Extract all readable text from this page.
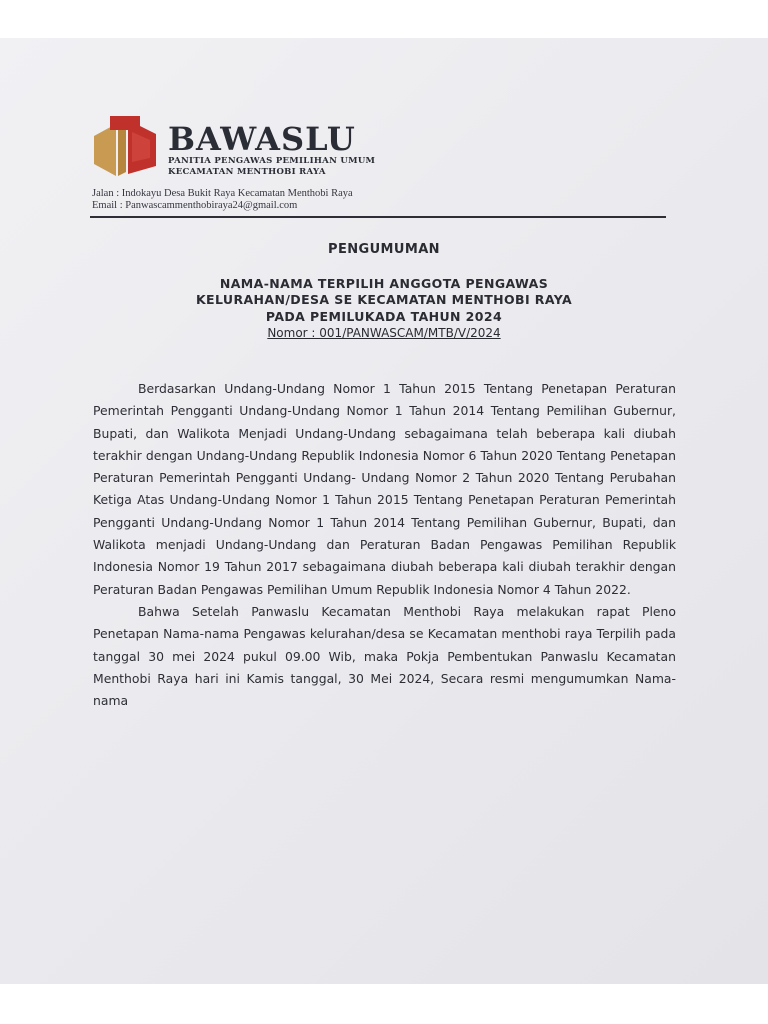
BAWASLU
PANITIA PENGAWAS PEMILIHAN UMUM
KECAMATAN MENTHOBI RAYA
Jalan : Indokayu Desa Bukit Raya Kecamatan Menthobi Raya
Email : Panwascammenthobiraya24@gmail.com
PENGUMUMAN
NAMA-NAMA TERPILIH ANGGOTA PENGAWAS
KELURAHAN/DESA SE KECAMATAN MENTHOBI RAYA
PADA PEMILUKADA TAHUN 2024
Nomor : 001/PANWASCAM/MTB/V/2024

Berdasarkan Undang-Undang Nomor 1 Tahun 2015 Tentang Penetapan Peraturan Pemerintah Pengganti Undang-Undang Nomor 1 Tahun 2014 Tentang Pemilihan Gubernur, Bupati, dan Walikota Menjadi Undang-Undang sebagaimana telah beberapa kali diubah terakhir dengan Undang-Undang Republik Indonesia Nomor 6 Tahun 2020 Tentang Penetapan Peraturan Pemerintah Pengganti Undang- Undang Nomor 2 Tahun 2020 Tentang Perubahan Ketiga Atas Undang-Undang Nomor 1 Tahun 2015 Tentang Penetapan Peraturan Pemerintah Pengganti Undang-Undang Nomor 1 Tahun 2014 Tentang Pemilihan Gubernur, Bupati, dan Walikota menjadi Undang-Undang dan Peraturan Badan Pengawas Pemilihan Republik Indonesia Nomor 19 Tahun 2017 sebagaimana diubah beberapa kali diubah terakhir dengan Peraturan Badan Pengawas Pemilihan Umum Republik Indonesia Nomor 4 Tahun 2022.

Bahwa Setelah Panwaslu Kecamatan Menthobi Raya melakukan rapat Pleno Penetapan Nama-nama Pengawas kelurahan/desa se Kecamatan menthobi raya Terpilih pada tanggal 30 mei 2024 pukul 09.00 Wib, maka Pokja Pembentukan Panwaslu Kecamatan Menthobi Raya hari ini Kamis tanggal, 30 Mei 2024, Secara resmi mengumumkan Nama-nama
